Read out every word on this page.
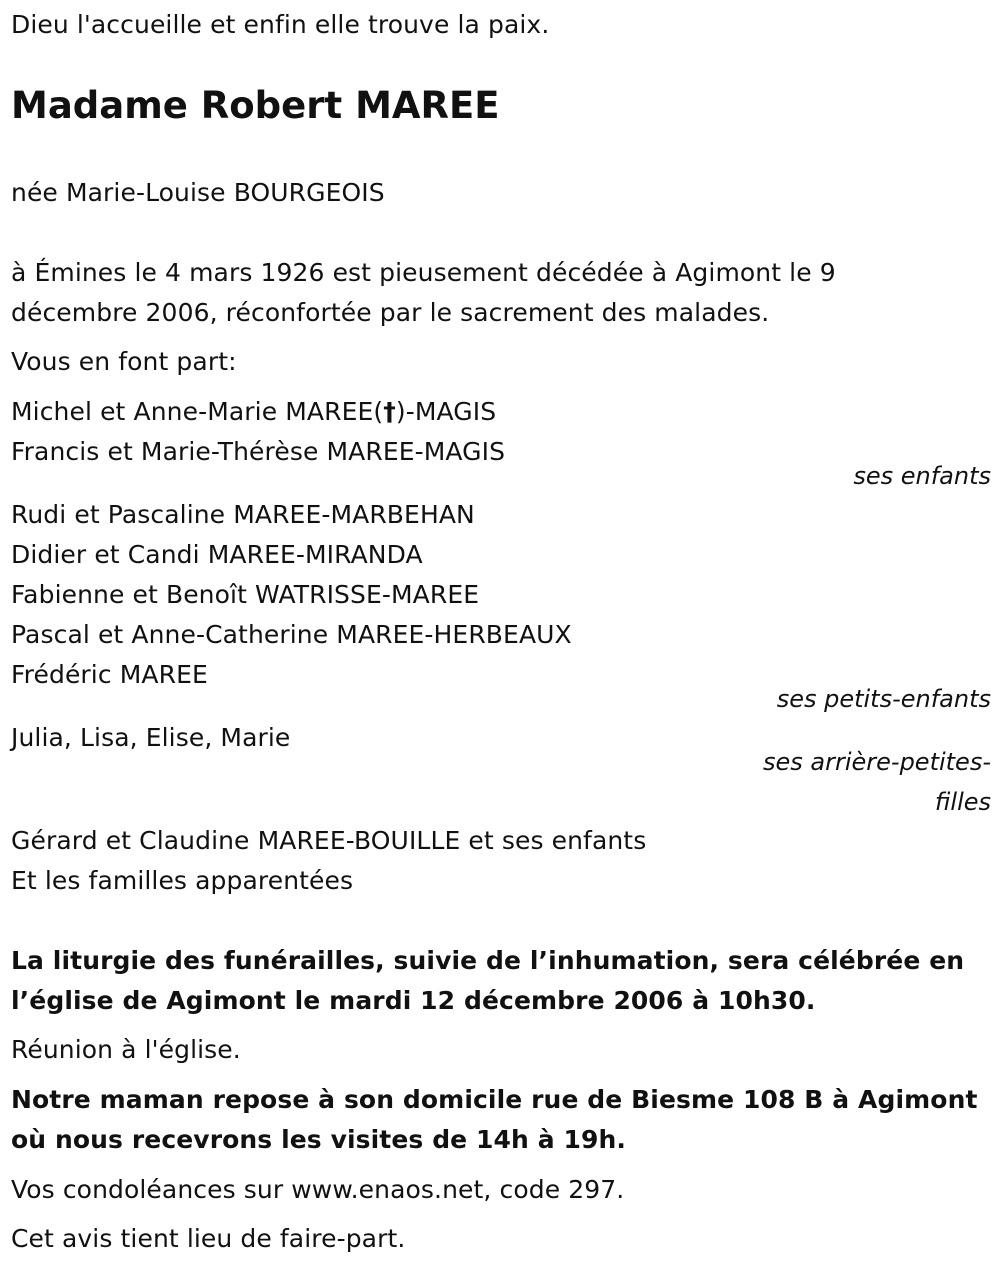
Dieu l'accueille et enfin elle trouve la paix.
Madame Robert MAREE
née Marie-Louise BOURGEOIS
à Émines le 4 mars 1926 est pieusement décédée à Agimont le 9
décembre 2006, réconfortée par le sacrement des malades.
Vous en font part:
Michel et Anne-Marie MAREE(†)-MAGIS
Francis et Marie-Thérèse MAREE-MAGIS
ses enfants
Rudi et Pascaline MAREE-MARBEHAN
Didier et Candi MAREE-MIRANDA
Fabienne et Benoît WATRISSE-MAREE
Pascal et Anne-Catherine MAREE-HERBEAUX
Frédéric MAREE
ses petits-enfants
Julia, Lisa, Elise, Marie
ses arrière-petites-
filles
Gérard et Claudine MAREE-BOUILLE et ses enfants
Et les familles apparentées
La liturgie des funérailles, suivie de l’inhumation, sera célébrée en
l’église de Agimont le mardi 12 décembre 2006 à 10h30.
Réunion à l'église.
Notre maman repose à son domicile rue de Biesme 108 B à Agimont
où nous recevrons les visites de 14h à 19h.
Vos condoléances sur www.enaos.net, code 297.
Cet avis tient lieu de faire-part.
